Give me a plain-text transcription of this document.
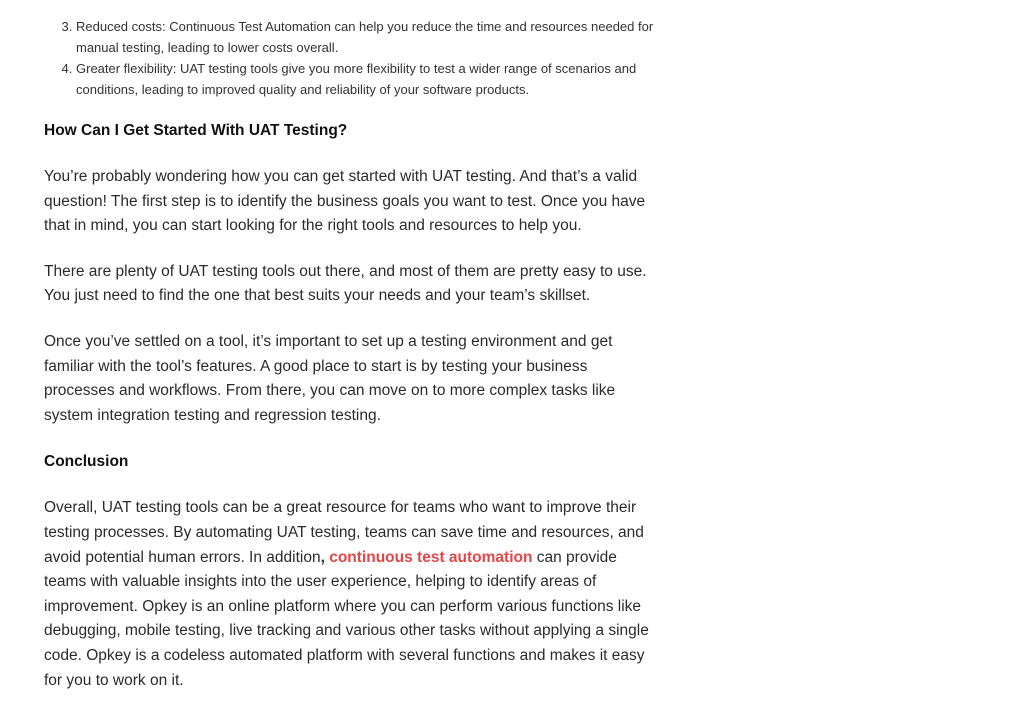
3. Reduced costs: Continuous Test Automation can help you reduce the time and resources needed for manual testing, leading to lower costs overall.
4. Greater flexibility: UAT testing tools give you more flexibility to test a wider range of scenarios and conditions, leading to improved quality and reliability of your software products.
How Can I Get Started With UAT Testing?

You’re probably wondering how you can get started with UAT testing. And that’s a valid question! The first step is to identify the business goals you want to test. Once you have that in mind, you can start looking for the right tools and resources to help you.

There are plenty of UAT testing tools out there, and most of them are pretty easy to use. You just need to find the one that best suits your needs and your team’s skillset.

Once you’ve settled on a tool, it’s important to set up a testing environment and get familiar with the tool’s features. A good place to start is by testing your business processes and workflows. From there, you can move on to more complex tasks like system integration testing and regression testing.

Conclusion

Overall, UAT testing tools can be a great resource for teams who want to improve their testing processes. By automating UAT testing, teams can save time and resources, and avoid potential human errors. In addition, continuous test automation can provide teams with valuable insights into the user experience, helping to identify areas of improvement. Opkey is an online platform where you can perform various functions like debugging, mobile testing, live tracking and various other tasks without applying a single code. Opkey is a codeless automated platform with several functions and makes it easy for you to work on it.
